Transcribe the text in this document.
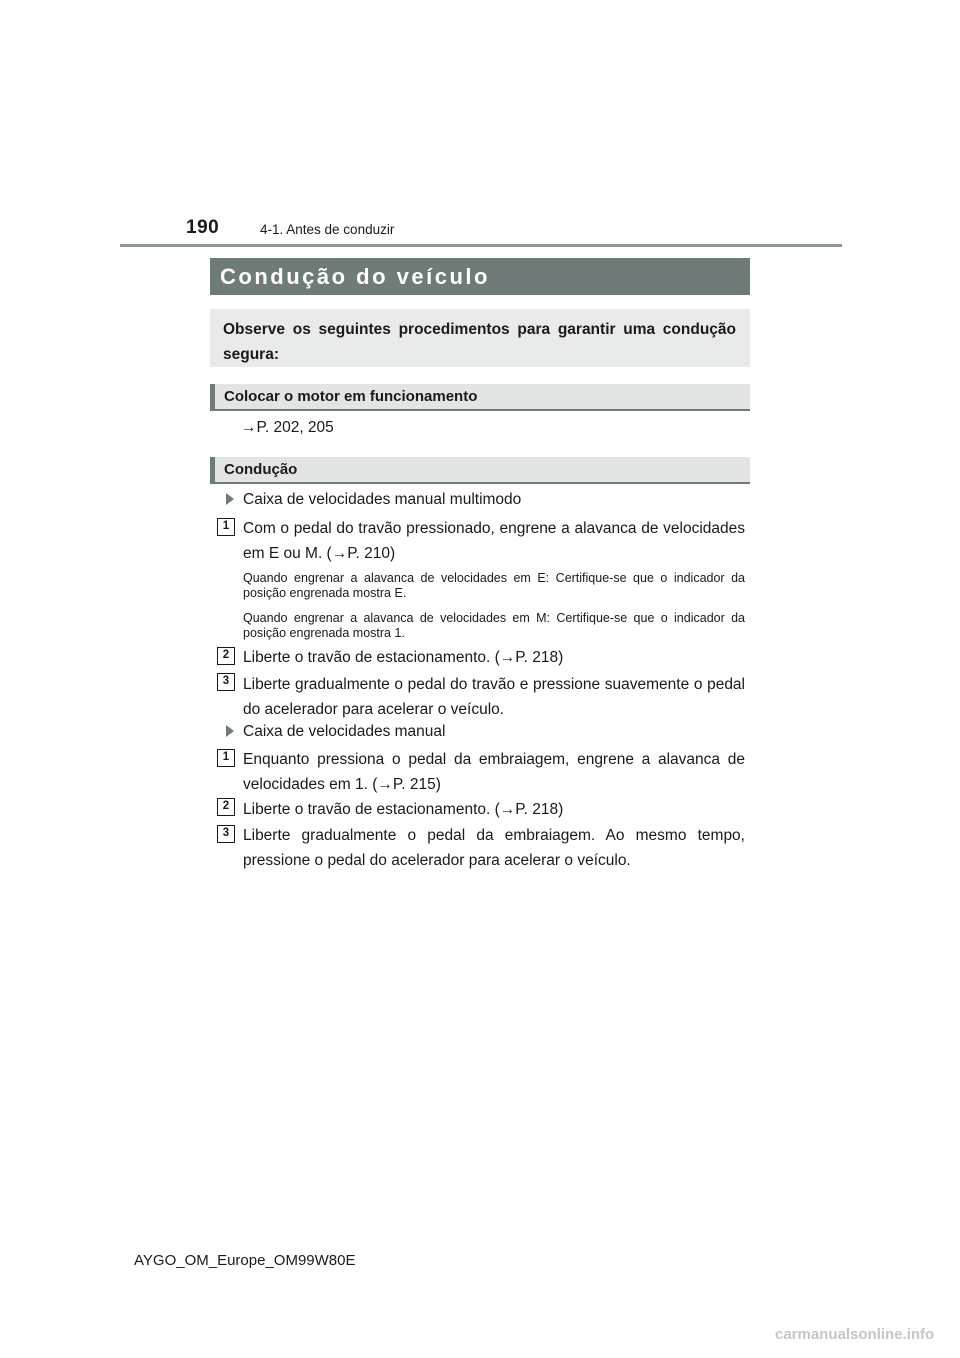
190	4-1. Antes de conduzir
Condução do veículo
Observe os seguintes procedimentos para garantir uma condução segura:
Colocar o motor em funcionamento
→P. 202, 205
Condução
Caixa de velocidades manual multimodo
1 Com o pedal do travão pressionado, engrene a alavanca de velocidades em E ou M. (→P. 210)
Quando engrenar a alavanca de velocidades em E: Certifique-se que o indicador da posição engrenada mostra E.
Quando engrenar a alavanca de velocidades em M: Certifique-se que o indicador da posição engrenada mostra 1.
2 Liberte o travão de estacionamento. (→P. 218)
3 Liberte gradualmente o pedal do travão e pressione suavemente o pedal do acelerador para acelerar o veículo.
Caixa de velocidades manual
1 Enquanto pressiona o pedal da embraiagem, engrene a alavanca de velocidades em 1. (→P. 215)
2 Liberte o travão de estacionamento. (→P. 218)
3 Liberte gradualmente o pedal da embraiagem. Ao mesmo tempo, pressione o pedal do acelerador para acelerar o veículo.
AYGO_OM_Europe_OM99W80E
carmanualsonline.info
